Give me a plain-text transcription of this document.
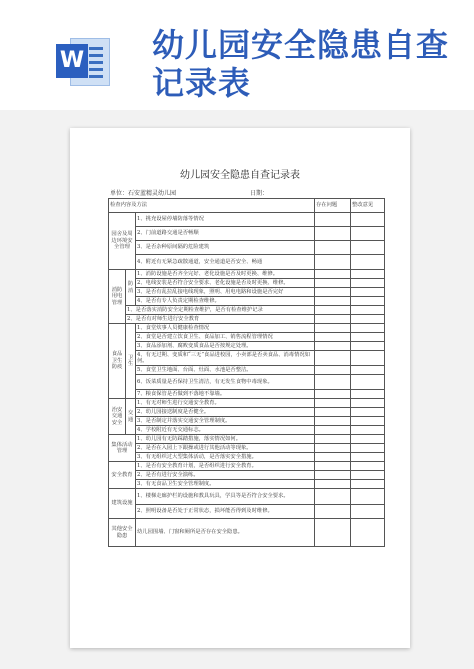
W 幼儿园安全隐患自查记录表
幼儿园安全隐患自查记录表
单位：石安蓝精灵幼儿园	日期：
检查内容及方法			存在问题	整改意见
园舍及周边环境安全管理		1、挑充设屋停墙防落等情况		
		2、门前道路交通是否畅顺		
		3、是否杂种原间隔的危险建筑		
		4、附近有无紧急疏散通道，安全通道是否安全、畅通		
消防用电管理	防消	1、消防设施是否齐全完好、老化设施是否及时更换、维修。		
		2、电线安装是否符合安全要求、老化设施是否及时更换、维修。		
		3、是否有乱拉乱接电线现象，照明、用电电路和设施是否完好		
		4、是否有专人负责定期检查维修。		
	1、是否落实消防安全定期检查维护，是否有检查维护记录			
	2、是否有对师生进行安全教育			
食品卫生防疫	卫生	1、食堂炊事人员健康检查情况		
		2、食堂是否建立饮食卫生、食品加工、销售流程管理情况		
		3、食品添加剂、腐败变质食品是否按规定处理。		
		4、有无过期、变质和“三无”食品进校园，小卖部是否卖食品、消毒情况如何。		
		5、食堂卫生地面、台面、灶面、水池是否整洁。		
		6、饭菜质量是否保持卫生清洁，有无发生食物中毒现象。		
		7、粮食保管是否做到不落地不靠墙。		
治安交通安全	交通	1、有无对师生进行交通安全教育。		
		2、幼儿园接送制度是否健全。		
		3、是否制定并落实交通安全管理制度。		
		4、学校附近有无交通标志。		
集体活动管理		1、幼儿园有无防踩踏措施，落实情况如何。		
		2、是否在入园上下跟操或进行其他活动等现象。		
		3、有无组织过大型集体活动，是否落实安全措施。		
安全教育		1、是否有安全教育计划，是否组织进行安全教育。		
		2、是否有进行安全演练。		
		3、有无食品卫生安全管理制度。		
建筑设施		1、楼梯走廊护栏的设施和教具玩具，学具等是否符合安全要求。		
		2、照明设备是否处于正常状态，损坏能否得到及时维修。		
其他安全隐患		幼儿园围墙、门窗和厕所是否存在安全隐患。		
